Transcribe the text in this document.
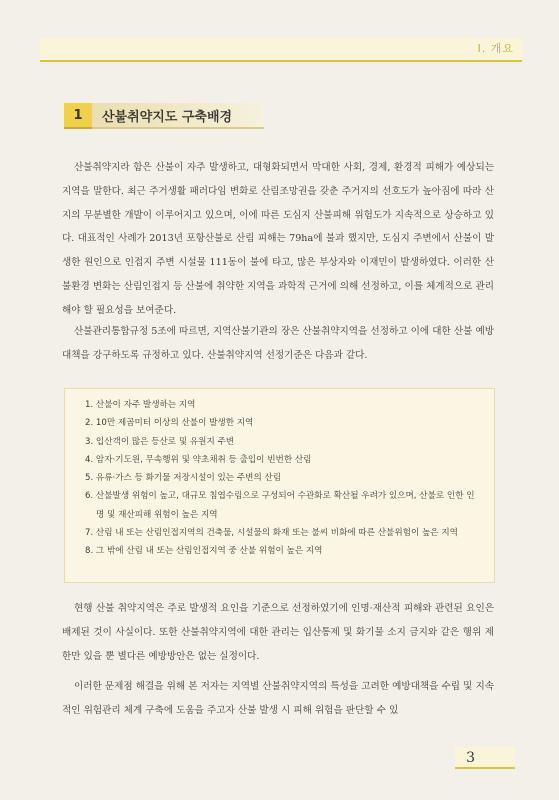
I. 개요
1	산불취약지도 구축배경

산불취약지라 함은 산불이 자주 발생하고, 대형화되면서 막대한 사회, 경제, 환경적 피해가 예상되는 지역을 말한다. 최근 주거생활 패러다임 변화로 산림조망권을 갖춘 주거지의 선호도가 높아짐에 따라 산지의 무분별한 개발이 이루어지고 있으며, 이에 따른 도심지 산불피해 위험도가 지속적으로 상승하고 있다. 대표적인 사례가 2013년 포항산불로 산림 피해는 79ha에 불과 했지만, 도심지 주변에서 산불이 발생한 원인으로 인접지 주변 시설물 111동이 불에 타고, 많은 부상자와 이재민이 발생하였다. 이러한 산불환경 변화는 산림인접지 등 산불에 취약한 지역을 과학적 근거에 의해 선정하고, 이를 체계적으로 관리해야 할 필요성을 보여준다.

산불관리통합규정 5조에 따르면, 지역산불기관의 장은 산불취약지역을 선정하고 이에 대한 산불 예방 대책을 강구하도록 규정하고 있다. 산불취약지역 선정기준은 다음과 같다.

1. 산불이 자주 발생하는 지역
2. 10만 제곱미터 이상의 산불이 발생한 지역
3. 입산객이 많은 등산로 및 유원지 주변
4. 암자·기도원, 무속행위 및 약초채취 등 출입이 빈번한 산림
5. 유류·가스 등 화기물 저장시설이 있는 주변의 산림
6. 산불발생 위험이 높고, 대규모 침엽수림으로 구성되어 수관화로 확산될 우려가 있으며, 산불로 인한 인명 및 재산피해 위험이 높은 지역
7. 산림 내 또는 산림인접지역의 건축물, 시설물의 화재 또는 불씨 비화에 따른 산불위험이 높은 지역
8. 그 밖에 산림 내 또는 산림인접지역 중 산불 위험이 높은 지역

현행 산불 취약지역은 주로 발생적 요인을 기준으로 선정하였기에 인명·재산적 피해와 관련된 요인은 배제된 것이 사실이다. 또한 산불취약지역에 대한 관리는 입산통제 및 화기물 소지 금지와 같은 행위 제한만 있을 뿐 별다른 예방방안은 없는 실정이다.

이러한 문제점 해결을 위해 본 저자는 지역별 산불취약지역의 특성을 고려한 예방대책을 수립 및 지속적인 위험관리 체계 구축에 도움을 주고자 산불 발생 시 피해 위험을 판단할 수 있

3
